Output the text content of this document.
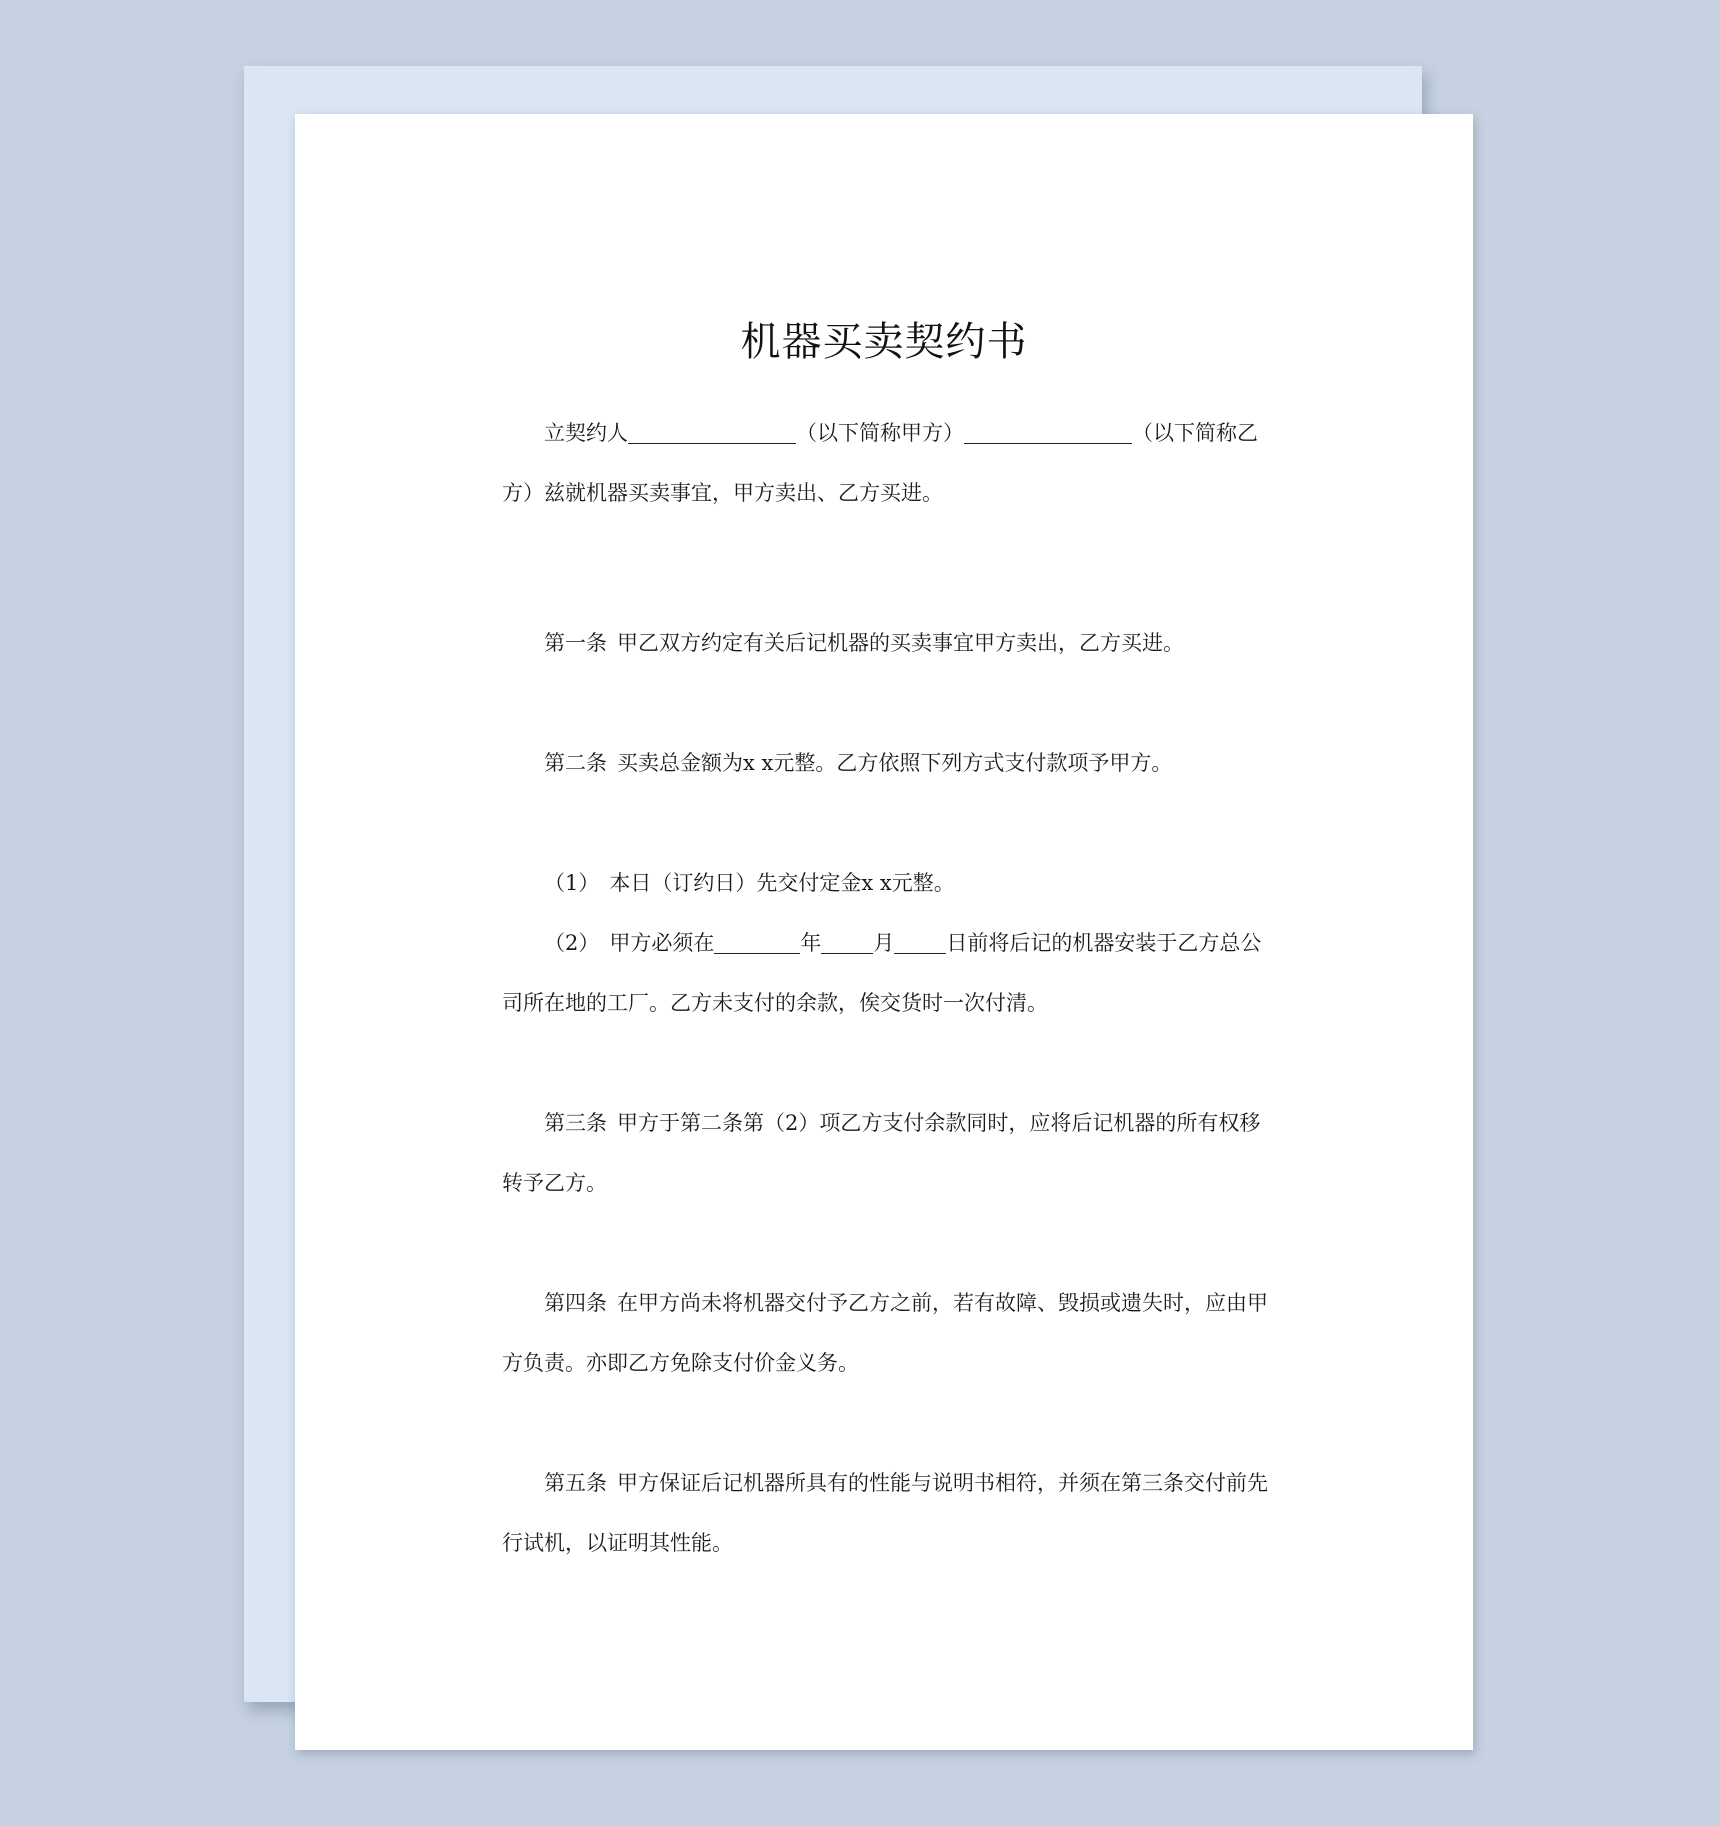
机器买卖契约书

立契约人	（以下简称甲方）	（以下简称乙

方）兹就机器买卖事宜，甲方卖出、乙方买进。

第一条 甲乙双方约定有关后记机器的买卖事宜甲方卖出，乙方买进。

第二条 买卖总金额为x x元整。乙方依照下列方式支付款项予甲方。

（1） 本日（订约日）先交付定金x x元整。

（2） 甲方必须在	年 月 日前将后记的机器安装于乙方总公

司所在地的工厂。乙方未支付的余款，俟交货时一次付清。

第三条 甲方于第二条第（2）项乙方支付余款同时，应将后记机器的所有权移

转予乙方。

第四条 在甲方尚未将机器交付予乙方之前，若有故障、毁损或遗失时，应由甲

方负责。亦即乙方免除支付价金义务。

第五条 甲方保证后记机器所具有的性能与说明书相符，并须在第三条交付前先

行试机，以证明其性能。
